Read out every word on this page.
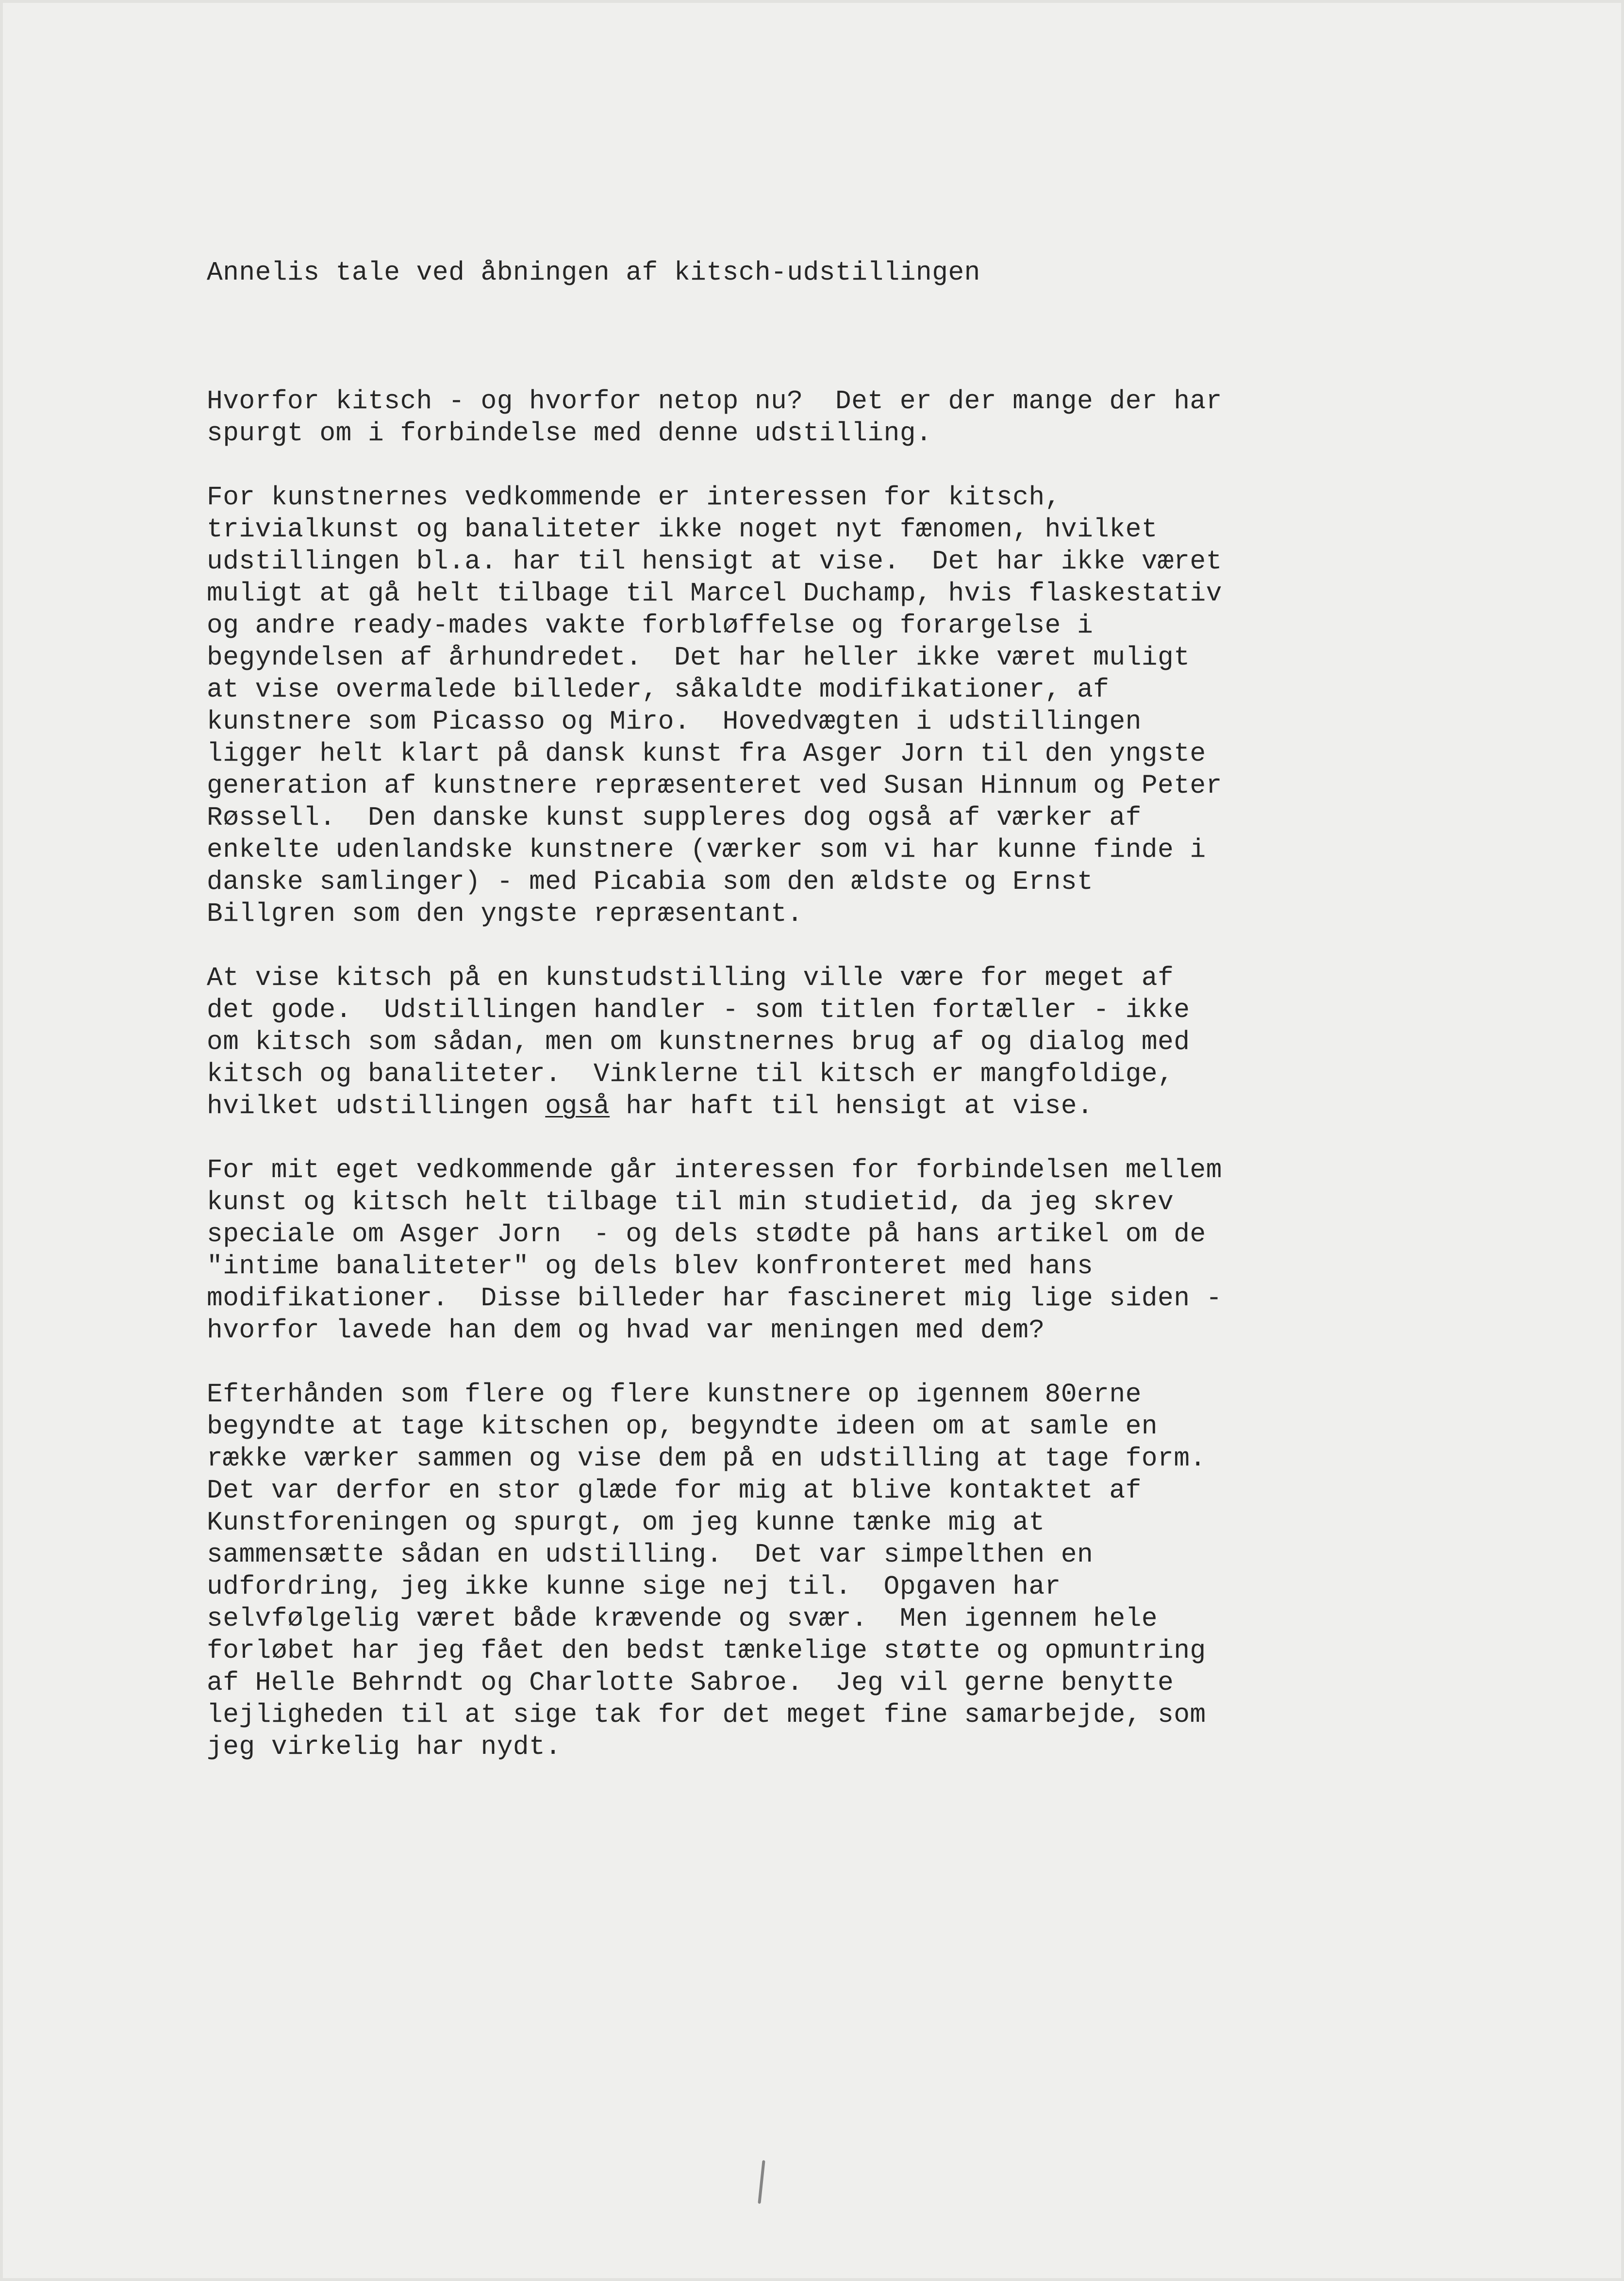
Annelis tale ved åbningen af kitsch-udstillingen
Hvorfor kitsch - og hvorfor netop nu?  Det er der mange der har
spurgt om i forbindelse med denne udstilling.
For kunstnernes vedkommende er interessen for kitsch,
trivialkunst og banaliteter ikke noget nyt fænomen, hvilket
udstillingen bl.a. har til hensigt at vise.  Det har ikke været
muligt at gå helt tilbage til Marcel Duchamp, hvis flaskestativ
og andre ready-mades vakte forbløffelse og forargelse i
begyndelsen af århundredet.  Det har heller ikke været muligt
at vise overmalede billeder, såkaldte modifikationer, af
kunstnere som Picasso og Miro.  Hovedvægten i udstillingen
ligger helt klart på dansk kunst fra Asger Jorn til den yngste
generation af kunstnere repræsenteret ved Susan Hinnum og Peter
Røssell.  Den danske kunst suppleres dog også af værker af
enkelte udenlandske kunstnere (værker som vi har kunne finde i
danske samlinger) - med Picabia som den ældste og Ernst
Billgren som den yngste repræsentant.
At vise kitsch på en kunstudstilling ville være for meget af
det gode.  Udstillingen handler - som titlen fortæller - ikke
om kitsch som sådan, men om kunstnernes brug af og dialog med
kitsch og banaliteter.  Vinklerne til kitsch er mangfoldige,
hvilket udstillingen også har haft til hensigt at vise.
For mit eget vedkommende går interessen for forbindelsen mellem
kunst og kitsch helt tilbage til min studietid, da jeg skrev
speciale om Asger Jorn  - og dels stødte på hans artikel om de
"intime banaliteter" og dels blev konfronteret med hans
modifikationer.  Disse billeder har fascineret mig lige siden -
hvorfor lavede han dem og hvad var meningen med dem?
Efterhånden som flere og flere kunstnere op igennem 80erne
begyndte at tage kitschen op, begyndte ideen om at samle en
række værker sammen og vise dem på en udstilling at tage form.
Det var derfor en stor glæde for mig at blive kontaktet af
Kunstforeningen og spurgt, om jeg kunne tænke mig at
sammensætte sådan en udstilling.  Det var simpelthen en
udfordring, jeg ikke kunne sige nej til.  Opgaven har
selvfølgelig været både krævende og svær.  Men igennem hele
forløbet har jeg fået den bedst tænkelige støtte og opmuntring
af Helle Behrndt og Charlotte Sabroe.  Jeg vil gerne benytte
lejligheden til at sige tak for det meget fine samarbejde, som
jeg virkelig har nydt.
